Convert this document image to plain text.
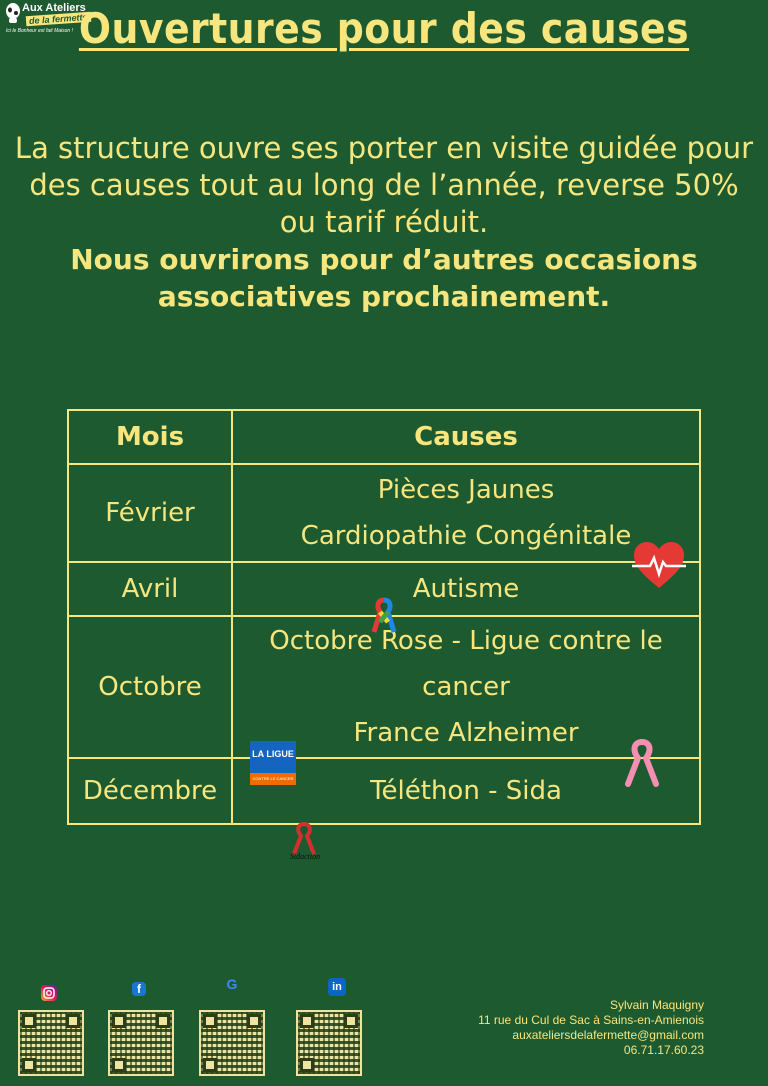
Aux Ateliers
de la fermette
Ici le Bonheur est fait Maison ! Ouvertures pour des causes
La structure ouvre ses porter en visite guidée pour
des causes tout au long de l’année, reverse 50%
ou tarif réduit.
Nous ouvrirons pour d’autres occasions
associatives prochainement.
Mois	Causes
Février	Pièces Jaunes
Cardiopathie Congénitale

Avril	Autisme

Octobre	Octobre Rose - Ligue contre le
cancer
France Alzheimer

Décembre	Téléthon - Sida
LA LIGUE
CONTRE LE CANCER
Sidaction
f	G	in
Sylvain Maquigny
11 rue du Cul de Sac à Sains-en-Amienois
auxateliersdelafermette@gmail.com
06.71.17.60.23
